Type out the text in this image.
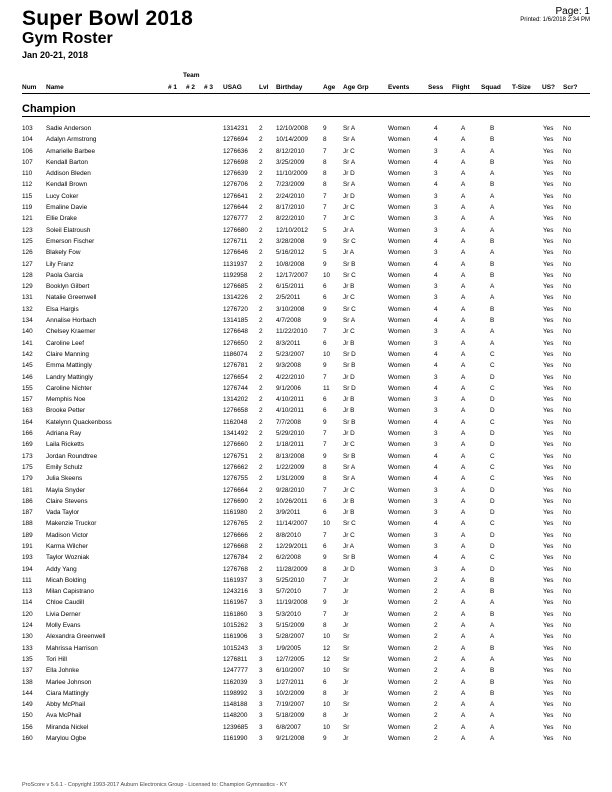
Super Bowl 2018
Gym Roster
Jan 20-21, 2018
Page: 1
Printed: 1/6/2018 2:34 PM
Team
Num Name	# 1 # 2 # 3 USAG	Lvl Birthday	Age Age Grp	Events	Sess Flight Squad T-Size US? Scr?
Champion
103 Sadie Anderson	1314231 2 12/10/2008 9	Sr A	Women	4	A	B	Yes No
104 Adalyn Armstrong	1276694 2 10/14/2009 8	Sr A	Women	4	A	B	Yes No
106 Amarielle Barbee	1276636 2 8/12/2010	7	Jr C	Women	3	A	A	Yes No
107 Kendall Barton	1276698 2 3/25/2009	8	Sr A	Women	4	A	B	Yes No
110 Addison Bleden	1276639 2 11/10/2009 8	Jr D	Women	3	A	A	Yes No
112 Kendall Brown	1276706 2 7/23/2009	8	Sr A	Women	4	A	B	Yes No
115 Lucy Coker	1276641 2 2/24/2010	7	Jr D	Women	3	A	A	Yes No
119 Emaline Davie	1276644 2 8/17/2010	7	Jr C	Women	3	A	A	Yes No
121 Ellie Drake	1276777 2 8/22/2010	7	Jr C	Women	3	A	A	Yes No
123 Soleil Elatroush	1276680 2 12/10/2012 5	Jr A	Women	3	A	A	Yes No
125 Emerson Fischer	1276711 2 3/28/2008	9	Sr C	Women	4	A	B	Yes No
126 Blakely Fow	1276646 2 5/16/2012	5	Jr A	Women	3	A	A	Yes No
127 Lily Franz	1131937 2 10/8/2008	9	Sr B	Women	4	A	B	Yes No
128 Paola Garcia	1192958 2 12/17/2007 10 Sr C	Women	4	A	B	Yes No
129 Booklyn Gilbert	1276685 2 6/15/2011	6	Jr B	Women	3	A	A	Yes No
131 Natalie Greenwell	1314226 2 2/5/2011	6	Jr C	Women	3	A	A	Yes No
132 Elsa Hargis	1276720 2 3/10/2008	9	Sr C	Women	4	A	B	Yes No
134 Annalise Horbach	1314185 2 4/7/2008	9	Sr A	Women	4	A	B	Yes No
140 Chelsey Kraemer	1276648 2 11/22/2010 7	Jr C	Women	3	A	A	Yes No
141 Caroline Leef	1276650 2 8/3/2011	6	Jr B	Women	3	A	A	Yes No
142 Claire Manning	1186074 2 5/23/2007	10 Sr D	Women	4	A	C	Yes No
145 Emma Mattingly	1276781 2 9/3/2008	9	Sr B	Women	4	A	C	Yes No
146 Landry Mattingly	1276654 2 4/22/2010	7	Jr D	Women	3	A	D	Yes No
155 Caroline Nichter	1276744 2 9/1/2006	11 Sr D	Women	4	A	C	Yes No
157 Memphis Noe	1314202 2 4/10/2011	6	Jr B	Women	3	A	D	Yes No
163 Brooke Petter	1276658 2 4/10/2011	6	Jr B	Women	3	A	D	Yes No
164 Katelynn Quackenboss	1162048 2 7/7/2008	9	Sr B	Women	4	A	C	Yes No
166 Adriana Ray	1341492 2 5/29/2010	7	Jr D	Women	3	A	D	Yes No
169 Laila Ricketts	1276660 2 1/18/2011	7	Jr C	Women	3	A	D	Yes No
173 Jordan Roundtree	1276751 2 8/13/2008	9	Sr B	Women	4	A	C	Yes No
175 Emily Schulz	1276662 2 1/22/2009	8	Sr A	Women	4	A	C	Yes No
179 Julia Skeens	1276755 2 1/31/2009	8	Sr A	Women	4	A	C	Yes No
181 Mayla Snyder	1276664 2 9/28/2010	7	Jr C	Women	3	A	D	Yes No
186 Claire Stevens	1276690 2 10/26/2011 6	Jr B	Women	3	A	D	Yes No
187 Vada Taylor	1161980 2 3/9/2011	6	Jr B	Women	3	A	D	Yes No
188 Makenzie Truckor	1276765 2 11/14/2007 10 Sr C	Women	4	A	C	Yes No
189 Madison Victor	1276666 2 8/8/2010	7	Jr C	Women	3	A	D	Yes No
191 Karma Wilcher	1276668 2 12/29/2011 6	Jr A	Women	3	A	D	Yes No
193 Taylor Wozniak	1276784 2 6/2/2008	9	Sr B	Women	4	A	C	Yes No
194 Addy Yang	1276768 2 11/28/2009 8	Jr D	Women	3	A	D	Yes No
111 Micah Bolding	1161937 3 5/25/2010	7	Jr	Women	2	A	B	Yes No
113 Milan Capistrano	1243216 3 5/7/2010	7	Jr	Women	2	A	B	Yes No
114 Chloe Caudill	1161967 3 11/19/2008 9	Jr	Women	2	A	A	Yes No
120 Livia Derner	1161860 3 5/3/2010	7	Jr	Women	2	A	B	Yes No
124 Molly Evans	1015262 3 5/15/2009	8	Jr	Women	2	A	A	Yes No
130 Alexandra Greenwell	1161906 3 5/28/2007	10 Sr	Women	2	A	A	Yes No
133 Mahrissa Harrison	1015243 3 1/9/2005	12 Sr	Women	2	A	B	Yes No
135 Tori Hill	1276811 3 12/7/2005	12 Sr	Women	2	A	A	Yes No
137 Ella Johnke	1247777 3 6/10/2007	10 Sr	Women	2	A	B	Yes No
138 Marlee Johnson	1162039 3 1/27/2011	6	Jr	Women	2	A	B	Yes No
144 Ciara Mattingly	1198992 3 10/2/2009	8	Jr	Women	2	A	B	Yes No
149 Abby McPhail	1148188 3 7/19/2007	10 Sr	Women	2	A	A	Yes No
150 Ava McPhail	1148200 3 5/18/2009	8	Jr	Women	2	A	A	Yes No
156 Miranda Nickel	1239685 3 6/8/2007	10 Sr	Women	2	A	A	Yes No
160 Marylou Ogbe	1161990 3 9/21/2008	9	Jr	Women	2	A	A	Yes No
ProScore v 5.6.1 - Copyright 1993-2017 Auburn Electronics Group - Licensed to: Champion Gymnastics - KY
